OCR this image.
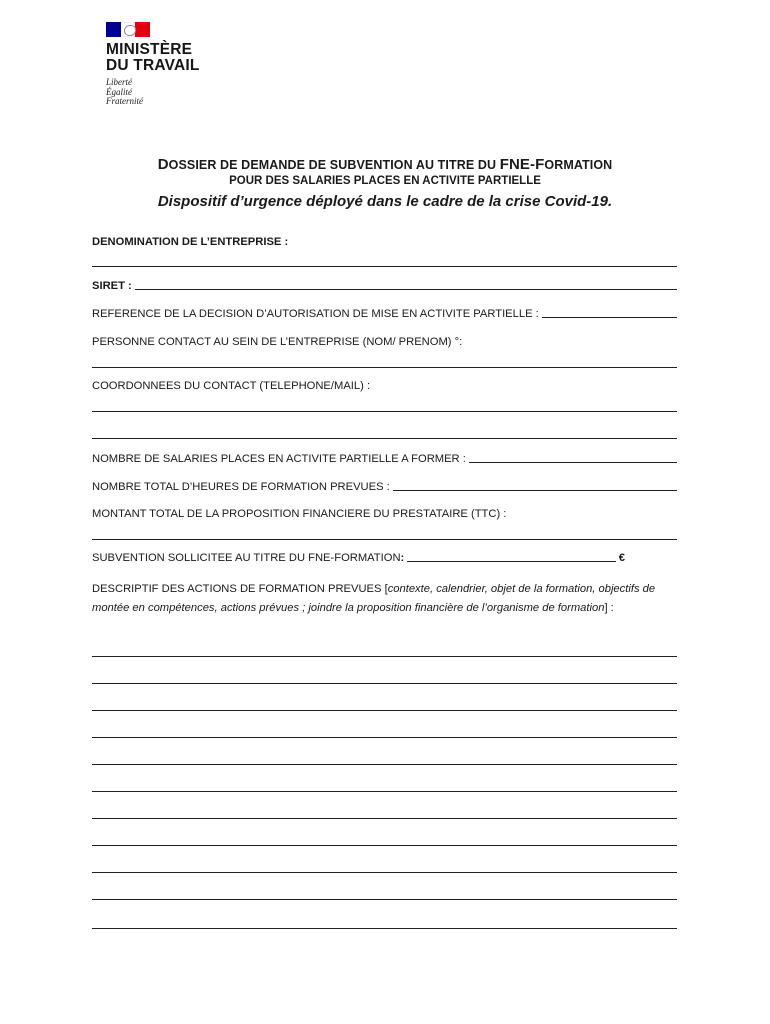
MINISTÈRE
DU TRAVAIL
Liberté
Égalité
Fraternité
DOSSIER DE DEMANDE DE SUBVENTION AU TITRE DU FNE-FORMATION
POUR DES SALARIES PLACES EN ACTIVITE PARTIELLE
Dispositif d’urgence déployé dans le cadre de la crise Covid-19.
DENOMINATION DE L’ENTREPRISE :
SIRET :
REFERENCE DE LA DECISION D’AUTORISATION DE MISE EN ACTIVITE PARTIELLE :
PERSONNE CONTACT AU SEIN DE L’ENTREPRISE (NOM/ PRENOM) °:
COORDONNEES DU CONTACT (TELEPHONE/MAIL) :
NOMBRE DE SALARIES PLACES EN ACTIVITE PARTIELLE A FORMER :
NOMBRE TOTAL D’HEURES DE FORMATION PREVUES :
MONTANT TOTAL DE LA PROPOSITION FINANCIERE DU PRESTATAIRE (TTC) :
SUBVENTION SOLLICITEE AU TITRE DU FNE-FORMATION :	€
DESCRIPTIF DES ACTIONS DE FORMATION PREVUES [contexte, calendrier, objet de la formation, objectifs de montée en compétences, actions prévues ; joindre la proposition financière de l’organisme de formation] :
